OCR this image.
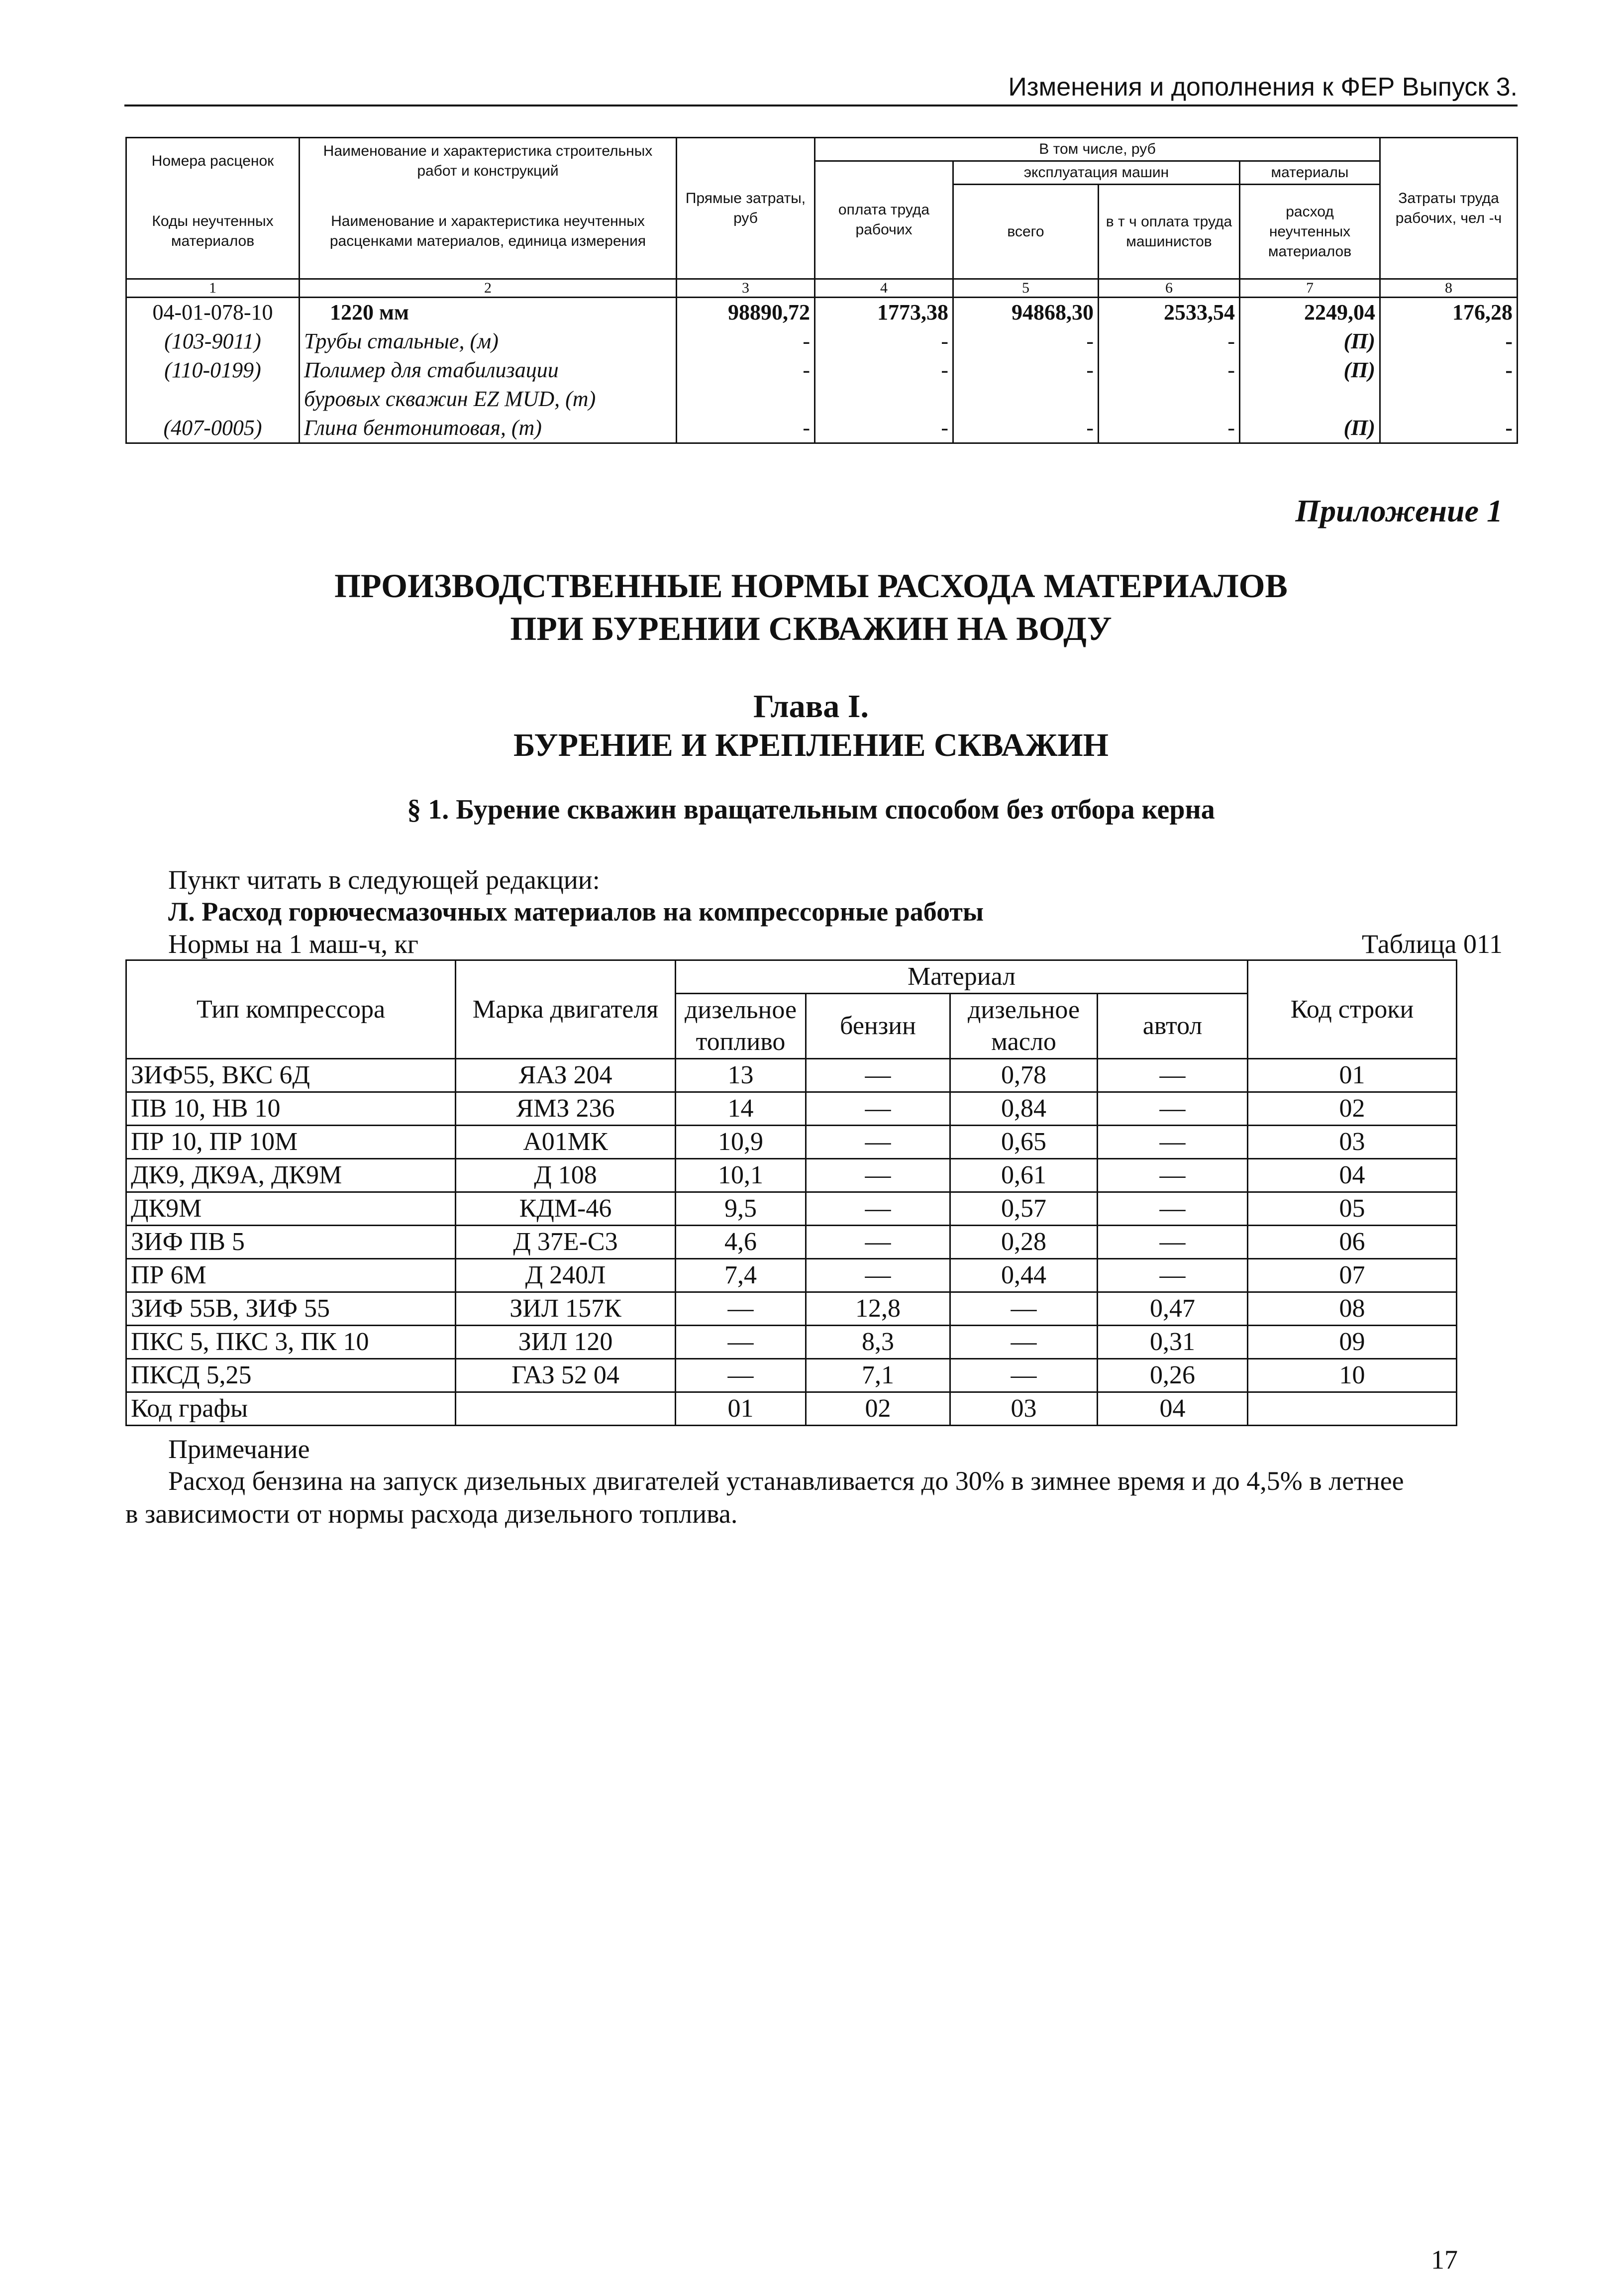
Изменения и дополнения к ФЕР Выпуск 3.
Номера расценок	Наименование и характеристика строительных работ и конструкций	Прямые затраты, руб	В том числе, руб				Затраты труда рабочих, чел -ч
			оплата труда рабочих	эксплуатация машин		материалы	
Коды неучтенных материалов	Наименование и характеристика неучтенных расценками материалов, единица измерения			всего	в т ч оплата труда машинистов	расход неучтенных материалов	

1	2	3	4	5	6	7	8
04-01-078-10	1220 мм	98890,72	1773,38	94868,30	2533,54	2249,04	176,28
(103-9011)	Трубы стальные, (м)	-	-	-	-	(П)	-
(110-0199)	Полимер для стабилизации	-	-	-	-	(П)	-
	буровых скважин EZ MUD, (т)						
(407-0005)	Глина бентонитовая, (т)	-	-	-	-	(П)	-
Приложение 1
ПРОИЗВОДСТВЕННЫЕ НОРМЫ РАСХОДА МАТЕРИАЛОВ
ПРИ БУРЕНИИ СКВАЖИН НА ВОДУ
Глава I.
БУРЕНИЕ И КРЕПЛЕНИЕ СКВАЖИН
§ 1. Бурение скважин вращательным способом без отбора керна
Пункт читать в следующей редакции:
Л. Расход горючесмазочных материалов на компрессорные работы
Нормы на 1 маш-ч, кг	Таблица 011
Тип компрессора	Марка двигателя	Материал				Код строки
		дизельное топливо	бензин	дизельное масло	автол	
ЗИФ55, ВКС 6Д	ЯАЗ 204	13	—	0,78	—	01
ПВ 10, НВ 10	ЯМЗ 236	14	—	0,84	—	02
ПР 10, ПР 10М	А01МК	10,9	—	0,65	—	03
ДК9, ДК9А, ДК9М	Д 108	10,1	—	0,61	—	04
ДК9М	КДМ-46	9,5	—	0,57	—	05
ЗИФ ПВ 5	Д 37Е-С3	4,6	—	0,28	—	06
ПР 6М	Д 240Л	7,4	—	0,44	—	07
ЗИФ 55В, ЗИФ 55	ЗИЛ 157К	—	12,8	—	0,47	08
ПКС 5, ПКС 3, ПК 10	ЗИЛ 120	—	8,3	—	0,31	09
ПКСД 5,25	ГАЗ 52 04	—	7,1	—	0,26	10
Код графы		01	02	03	04	
Примечание
Расход бензина на запуск дизельных двигателей устанавливается до 30% в зимнее время и до 4,5% в летнее
в зависимости от нормы расхода дизельного топлива.
17
